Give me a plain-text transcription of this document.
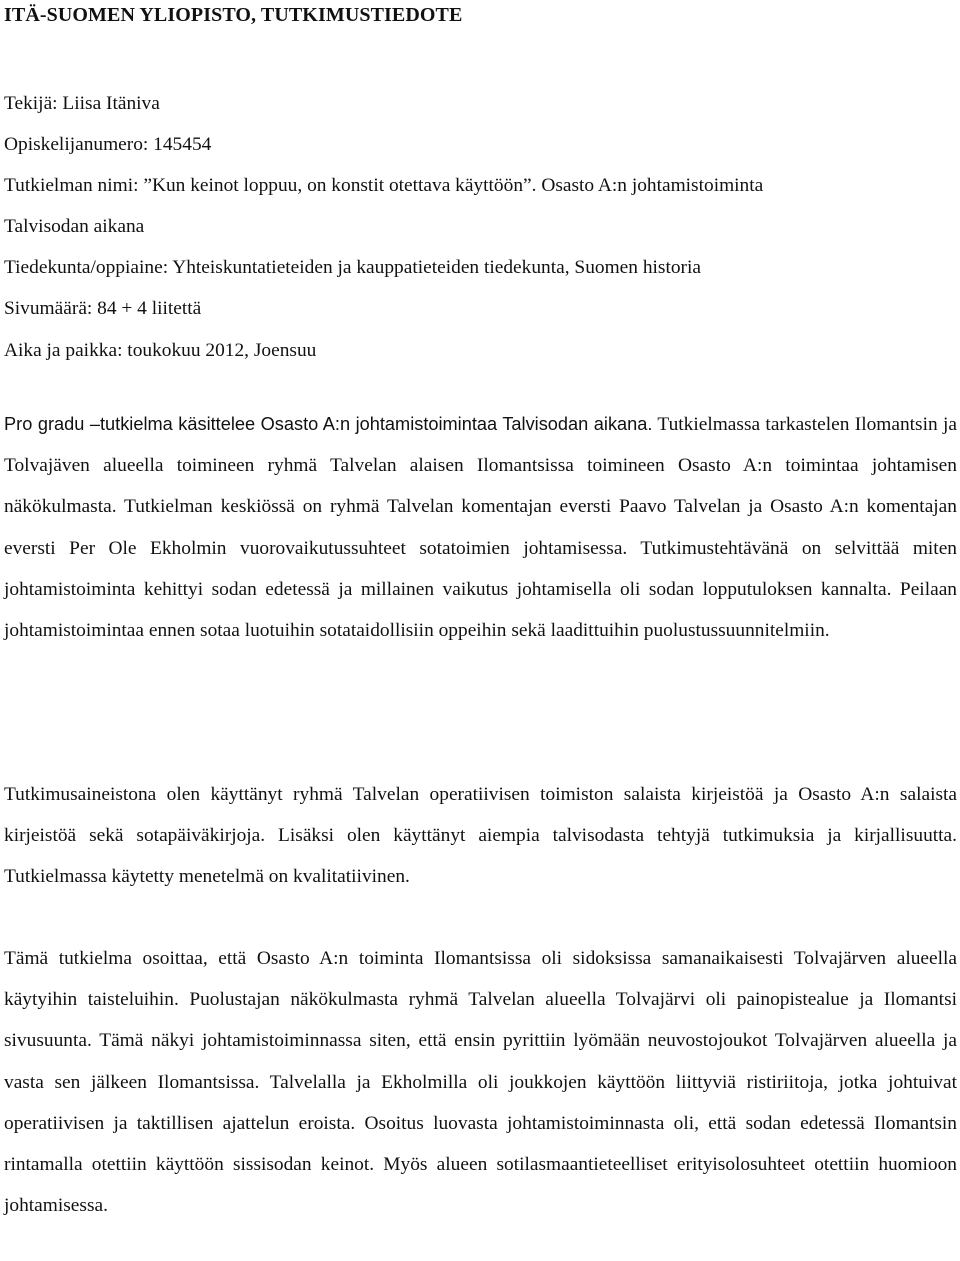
ITÄ-SUOMEN YLIOPISTO, TUTKIMUSTIEDOTE
Tekijä: Liisa Itäniva
Opiskelijanumero: 145454
Tutkielman nimi: ”Kun keinot loppuu, on konstit otettava käyttöön”. Osasto A:n johtamistoiminta
Talvisodan aikana
Tiedekunta/oppiaine: Yhteiskuntatieteiden ja kauppatieteiden tiedekunta, Suomen historia
Sivumäärä: 84 + 4 liitettä
Aika ja paikka: toukokuu 2012, Joensuu

Pro gradu –tutkielma käsittelee Osasto A:n johtamistoimintaa Talvisodan aikana. Tutkielmassa tarkastelen Ilomantsin ja Tolvajäven alueella toimineen ryhmä Talvelan alaisen Ilomantsissa toimineen Osasto A:n toimintaa johtamisen näkökulmasta. Tutkielman keskiössä on ryhmä Talvelan komentajan eversti Paavo Talvelan ja Osasto A:n komentajan eversti Per Ole Ekholmin vuorovaikutussuhteet sotatoimien johtamisessa. Tutkimustehtävänä on selvittää miten johtamistoiminta kehittyi sodan edetessä ja millainen vaikutus johtamisella oli sodan lopputuloksen kannalta. Peilaan johtamistoimintaa ennen sotaa luotuihin sotataidollisiin oppeihin sekä laadittuihin puolustussuunnitelmiin.

Tutkimusaineistona olen käyttänyt ryhmä Talvelan operatiivisen toimiston salaista kirjeistöä ja Osasto A:n salaista kirjeistöä sekä sotapäiväkirjoja. Lisäksi olen käyttänyt aiempia talvisodasta tehtyjä tutkimuksia ja kirjallisuutta. Tutkielmassa käytetty menetelmä on kvalitatiivinen.

Tämä tutkielma osoittaa, että Osasto A:n toiminta Ilomantsissa oli sidoksissa samanaikaisesti Tolvajärven alueella käytyihin taisteluihin. Puolustajan näkökulmasta ryhmä Talvelan alueella Tolvajärvi oli painopistealue ja Ilomantsi sivusuunta. Tämä näkyi johtamistoiminnassa siten, että ensin pyrittiin lyömään neuvostojoukot Tolvajärven alueella ja vasta sen jälkeen Ilomantsissa. Talvelalla ja Ekholmilla oli joukkojen käyttöön liittyviä ristiriitoja, jotka johtuivat operatiivisen ja taktillisen ajattelun eroista. Osoitus luovasta johtamistoiminnasta oli, että sodan edetessä Ilomantsin rintamalla otettiin käyttöön sissisodan keinot. Myös alueen sotilasmaantieteelliset erityisolosuhteet otettiin huomioon johtamisessa.
